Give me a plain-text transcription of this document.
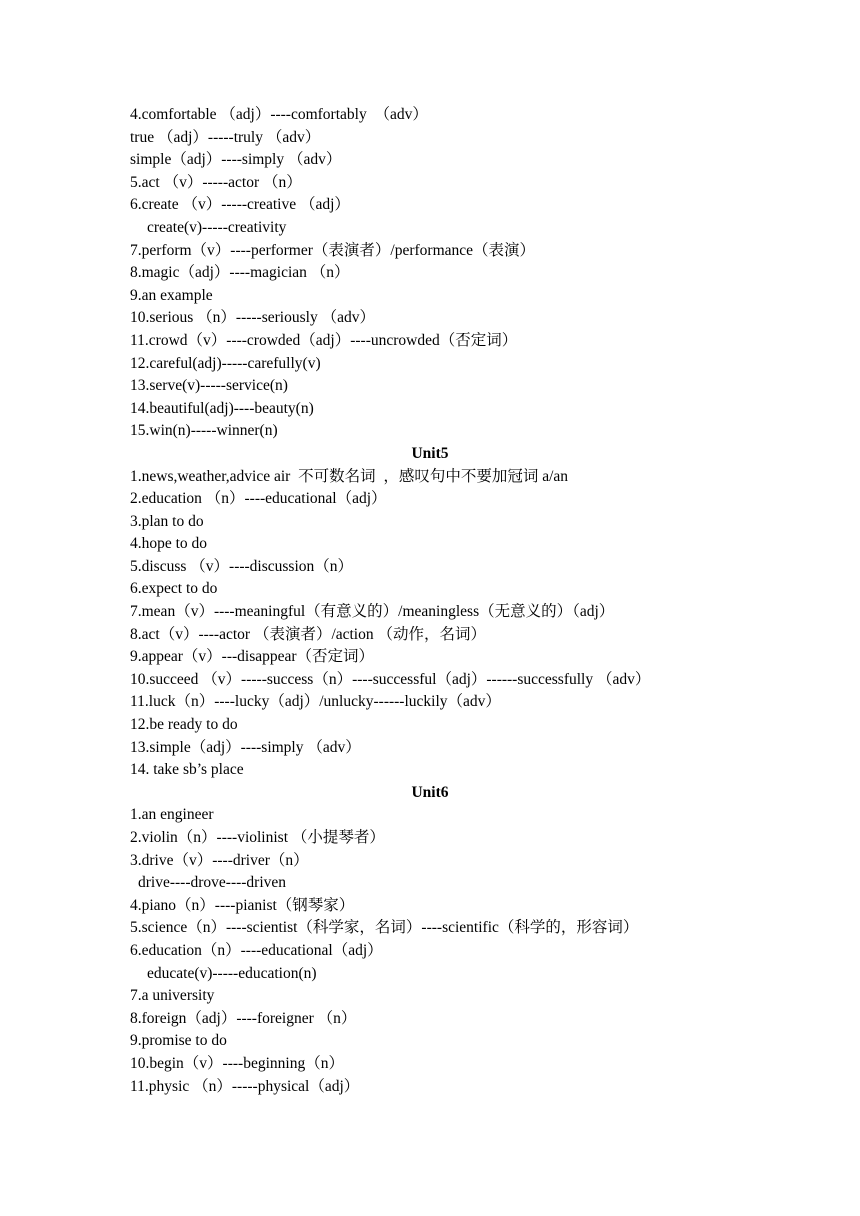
4.comfortable （adj）----comfortably  （adv）
true （adj）-----truly （adv）
simple（adj）----simply （adv）
5.act （v）-----actor （n）
6.create （v）-----creative （adj）
create(v)-----creativity
7.perform（v）----performer（表演者）/performance（表演）
8.magic（adj）----magician （n）
9.an example
10.serious （n）-----seriously （adv）
11.crowd（v）----crowded（adj）----uncrowded（否定词）
12.careful(adj)-----carefully(v)
13.serve(v)-----service(n)
14.beautiful(adj)----beauty(n)
15.win(n)-----winner(n)
Unit5
1.news,weather,advice air  不可数名词  ，感叹句中不要加冠词 a/an
2.education （n）----educational（adj）
3.plan to do
4.hope to do
5.discuss （v）----discussion（n）
6.expect to do
7.mean（v）----meaningful（有意义的）/meaningless（无意义的）（adj）
8.act（v）----actor （表演者）/action （动作，名词）
9.appear（v）---disappear（否定词）
10.succeed （v）-----success（n）----successful（adj）------successfully （adv）
11.luck（n）----lucky（adj）/unlucky------luckily（adv）
12.be ready to do
13.simple（adj）----simply （adv）
14. take sb’s place
Unit6
1.an engineer
2.violin（n）----violinist （小提琴者）
3.drive（v）----driver（n）
drive----drove----driven
4.piano（n）----pianist（钢琴家）
5.science（n）----scientist（科学家，名词）----scientific（科学的，形容词）
6.education（n）----educational（adj）
educate(v)-----education(n)
7.a university
8.foreign（adj）----foreigner （n）
9.promise to do
10.begin（v）----beginning（n）
11.physic （n）-----physical（adj）
